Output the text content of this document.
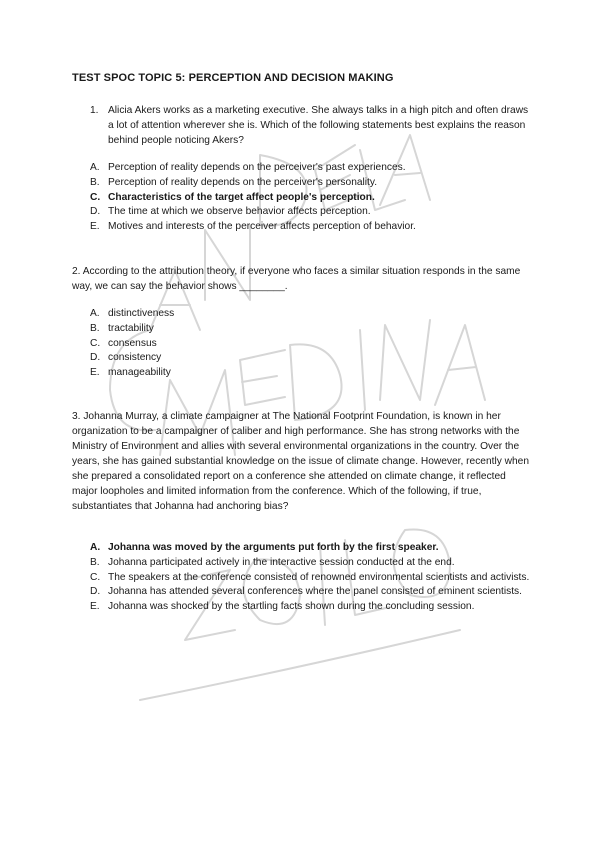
TEST SPOC TOPIC 5: PERCEPTION AND DECISION MAKING
1. Alicia Akers works as a marketing executive. She always talks in a high pitch and often draws a lot of attention wherever she is. Which of the following statements best explains the reason behind people noticing Akers?
A. Perception of reality depends on the perceiver's past experiences.
B. Perception of reality depends on the perceiver's personality.
C. Characteristics of the target affect people's perception.
D. The time at which we observe behavior affects perception.
E. Motives and interests of the perceiver affects perception of behavior.
2. According to the attribution theory, if everyone who faces a similar situation responds in the same way, we can say the behavior shows ________.
A. distinctiveness
B. tractability
C. consensus
D. consistency
E. manageability
3. Johanna Murray, a climate campaigner at The National Footprint Foundation, is known in her organization to be a campaigner of caliber and high performance. She has strong networks with the Ministry of Environment and allies with several environmental organizations in the country. Over the years, she has gained substantial knowledge on the issue of climate change. However, recently when she prepared a consolidated report on a conference she attended on climate change, it reflected major loopholes and limited information from the conference. Which of the following, if true, substantiates that Johanna had anchoring bias?
A. Johanna was moved by the arguments put forth by the first speaker.
B. Johanna participated actively in the interactive session conducted at the end.
C. The speakers at the conference consisted of renowned environmental scientists and activists.
D. Johanna has attended several conferences where the panel consisted of eminent scientists.
E. Johanna was shocked by the startling facts shown during the concluding session.
